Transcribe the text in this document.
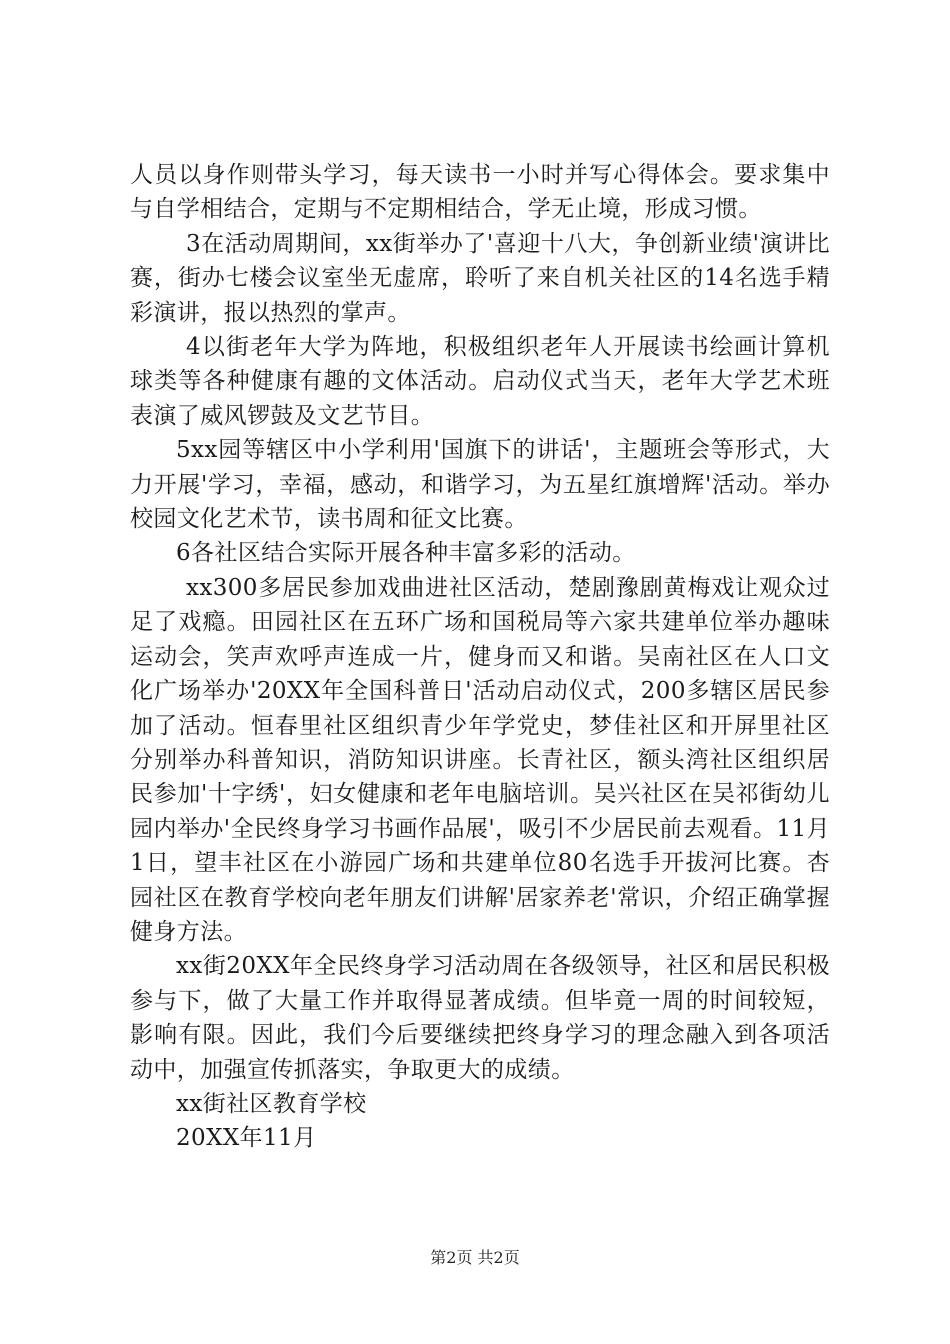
人员以身作则带头学习，每天读书一小时并写心得体会。要求集中与自学相结合，定期与不定期相结合，学无止境，形成习惯。

3在活动周期间，xx街举办了'喜迎十八大，争创新业绩'演讲比赛，街办七楼会议室坐无虚席，聆听了来自机关社区的14名选手精彩演讲，报以热烈的掌声。

4以街老年大学为阵地，积极组织老年人开展读书绘画计算机球类等各种健康有趣的文体活动。启动仪式当天，老年大学艺术班表演了威风锣鼓及文艺节目。

5xx园等辖区中小学利用'国旗下的讲话'，主题班会等形式，大力开展'学习，幸福，感动，和谐学习，为五星红旗增辉'活动。举办校园文化艺术节，读书周和征文比赛。

6各社区结合实际开展各种丰富多彩的活动。

xx300多居民参加戏曲进社区活动，楚剧豫剧黄梅戏让观众过足了戏瘾。田园社区在五环广场和国税局等六家共建单位举办趣味运动会，笑声欢呼声连成一片，健身而又和谐。吴南社区在人口文化广场举办'20XX年全国科普日'活动启动仪式，200多辖区居民参加了活动。恒春里社区组织青少年学党史，梦佳社区和开屏里社区分别举办科普知识，消防知识讲座。长青社区，额头湾社区组织居民参加'十字绣'，妇女健康和老年电脑培训。吴兴社区在吴祁街幼儿园内举办'全民终身学习书画作品展'，吸引不少居民前去观看。11月1日，望丰社区在小游园广场和共建单位80名选手开拔河比赛。杏园社区在教育学校向老年朋友们讲解'居家养老'常识，介绍正确掌握健身方法。

xx街20XX年全民终身学习活动周在各级领导，社区和居民积极参与下，做了大量工作并取得显著成绩。但毕竟一周的时间较短，影响有限。因此，我们今后要继续把终身学习的理念融入到各项活动中，加强宣传抓落实，争取更大的成绩。

xx街社区教育学校

20XX年11月

第2页 共2页
